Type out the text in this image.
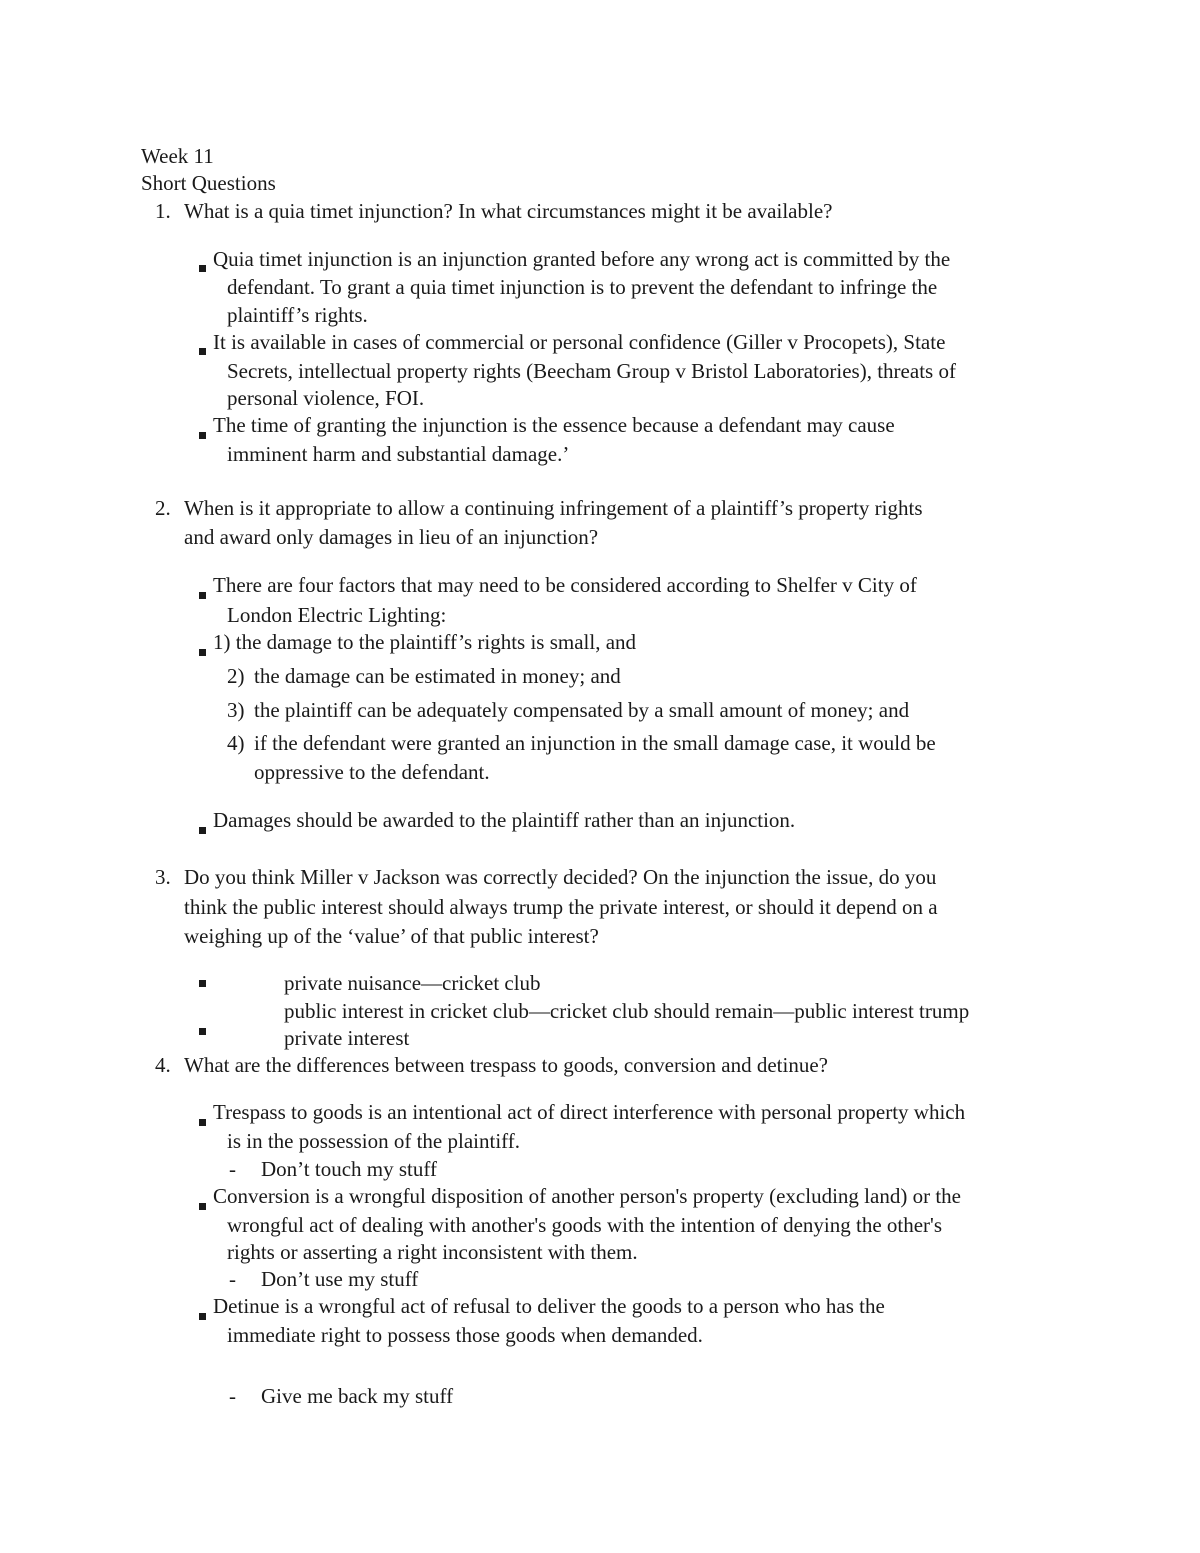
Week 11
Short Questions
1. What is a quia timet injunction? In what circumstances might it be available?
Quia timet injunction is an injunction granted before any wrong act is committed by the
defendant. To grant a quia timet injunction is to prevent the defendant to infringe the
plaintiff’s rights.
It is available in cases of commercial or personal confidence (Giller v Procopets), State
Secrets, intellectual property rights (Beecham Group v Bristol Laboratories), threats of
personal violence, FOI.
The time of granting the injunction is the essence because a defendant may cause
imminent harm and substantial damage.’
2. When is it appropriate to allow a continuing infringement of a plaintiff’s property rights
and award only damages in lieu of an injunction?
There are four factors that may need to be considered according to Shelfer v City of
London Electric Lighting:
1) the damage to the plaintiff’s rights is small, and
2) the damage can be estimated in money; and
3) the plaintiff can be adequately compensated by a small amount of money; and
4) if the defendant were granted an injunction in the small damage case, it would be
oppressive to the defendant.
Damages should be awarded to the plaintiff rather than an injunction.
3. Do you think Miller v Jackson was correctly decided? On the injunction the issue, do you
think the public interest should always trump the private interest, or should it depend on a
weighing up of the ‘value’ of that public interest?
private nuisance—cricket club
public interest in cricket club—cricket club should remain—public interest trump
private interest
4. What are the differences between trespass to goods, conversion and detinue?
Trespass to goods is an intentional act of direct interference with personal property which
is in the possession of the plaintiff.
- Don’t touch my stuff
Conversion is a wrongful disposition of another person's property (excluding land) or the
wrongful act of dealing with another's goods with the intention of denying the other's
rights or asserting a right inconsistent with them.
- Don’t use my stuff
Detinue is a wrongful act of refusal to deliver the goods to a person who has the
immediate right to possess those goods when demanded.
- Give me back my stuff
